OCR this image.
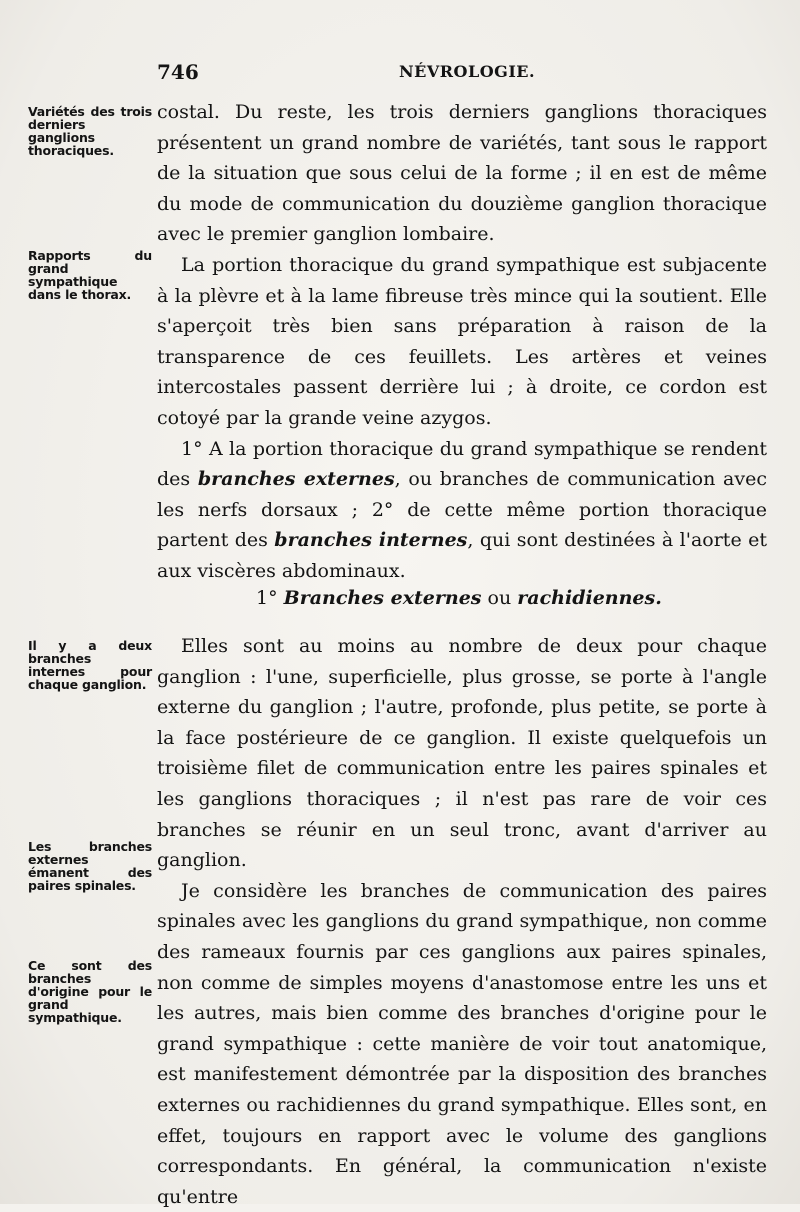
746	NÉVROLOGIE.
Variétés des trois derniers ganglions thoraciques.
Rapports du grand sympathique dans le thorax.
Il y a deux branches internes pour chaque ganglion.
Les branches externes émanent des paires spinales.
Ce sont des branches d'origine pour le grand sympathique.

costal. Du reste, les trois derniers ganglions thoraciques présentent un grand nombre de variétés, tant sous le rapport de la situation que sous celui de la forme ; il en est de même du mode de communication du douzième ganglion thoracique avec le premier ganglion lombaire.

La portion thoracique du grand sympathique est subjacente à la plèvre et à la lame fibreuse très mince qui la soutient. Elle s'aperçoit très bien sans préparation à raison de la transparence de ces feuillets. Les artères et veines intercostales passent derrière lui ; à droite, ce cordon est cotoyé par la grande veine azygos.

1° A la portion thoracique du grand sympathique se rendent des branches externes, ou branches de communication avec les nerfs dorsaux ; 2° de cette même portion thoracique partent des branches internes, qui sont destinées à l'aorte et aux viscères abdominaux.

1° Branches externes ou rachidiennes.

Elles sont au moins au nombre de deux pour chaque ganglion : l'une, superficielle, plus grosse, se porte à l'angle externe du ganglion ; l'autre, profonde, plus petite, se porte à la face postérieure de ce ganglion. Il existe quelquefois un troisième filet de communication entre les paires spinales et les ganglions thoraciques ; il n'est pas rare de voir ces branches se réunir en un seul tronc, avant d'arriver au ganglion.

Je considère les branches de communication des paires spinales avec les ganglions du grand sympathique, non comme des rameaux fournis par ces ganglions aux paires spinales, non comme de simples moyens d'anastomose entre les uns et les autres, mais bien comme des branches d'origine pour le grand sympathique : cette manière de voir tout anatomique, est manifestement démontrée par la disposition des branches externes ou rachidiennes du grand sympathique. Elles sont, en effet, toujours en rapport avec le volume des ganglions correspondants. En général, la communication n'existe qu'entre
